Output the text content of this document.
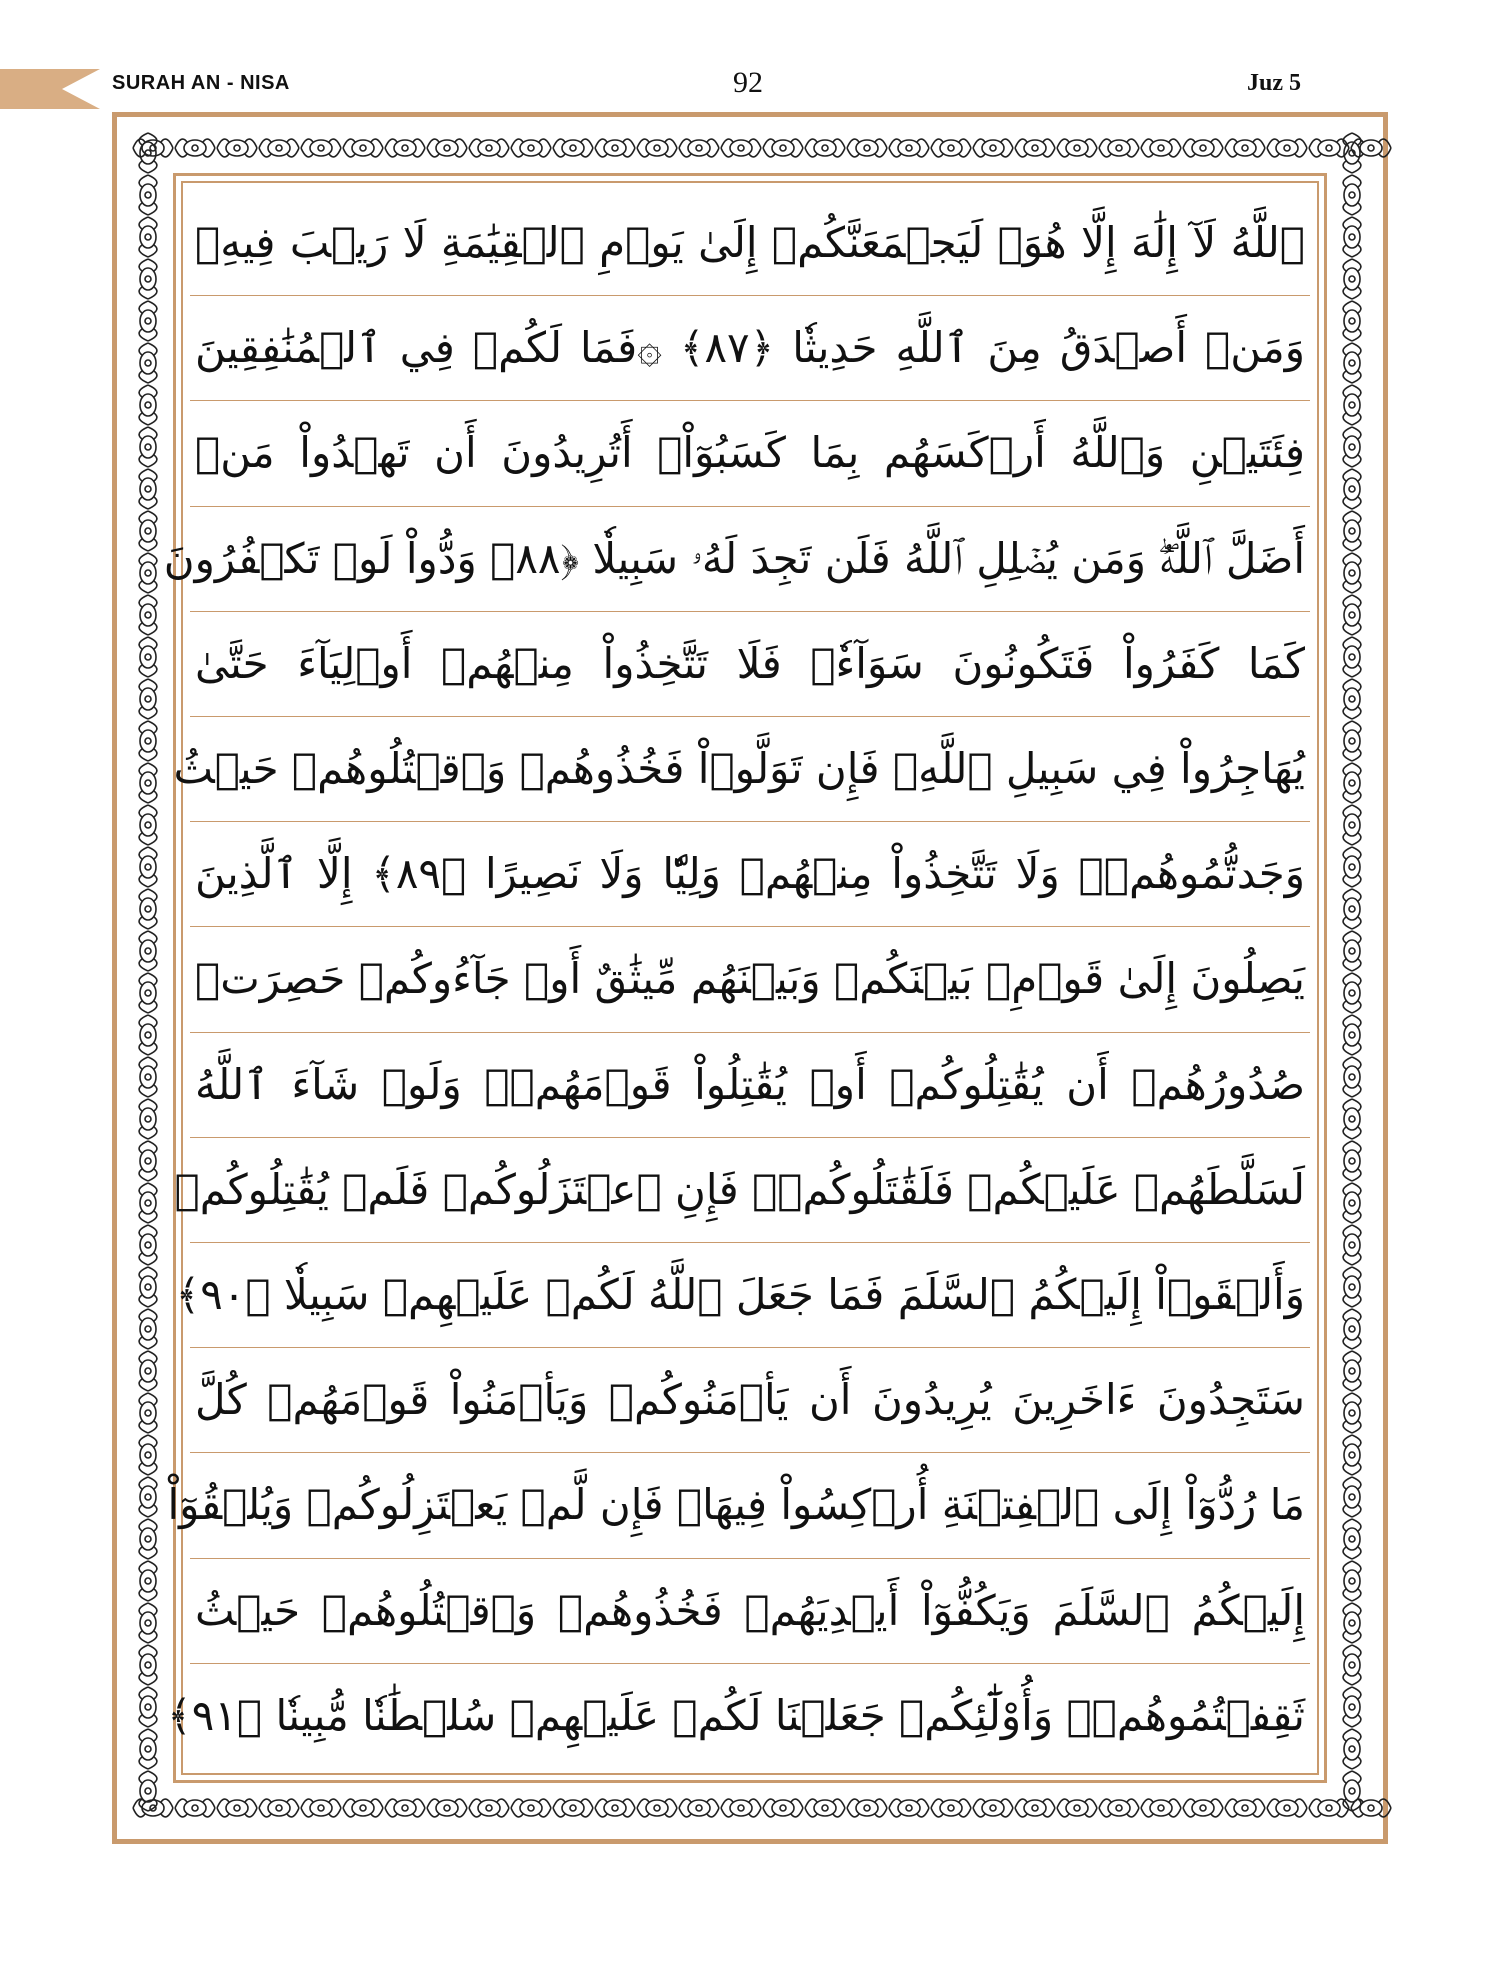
SURAH AN - NISA	92	Juz 5
ٱللَّهُ لَآ إِلَٰهَ إِلَّا هُوَۚ لَيَجۡمَعَنَّكُمۡ إِلَىٰ يَوۡمِ ٱلۡقِيَٰمَةِ لَا رَيۡبَ فِيهِۗ
وَمَنۡ أَصۡدَقُ مِنَ ٱللَّهِ حَدِيثٗا ﴿٨٧﴾ ۞فَمَا لَكُمۡ فِي ٱلۡمُنَٰفِقِينَ
فِئَتَيۡنِ وَٱللَّهُ أَرۡكَسَهُم بِمَا كَسَبُوٓاْۚ أَتُرِيدُونَ أَن تَهۡدُواْ مَنۡ
أَضَلَّ ٱللَّهُۖ وَمَن يُضۡلِلِ ٱللَّهُ فَلَن تَجِدَ لَهُۥ سَبِيلٗا ﴿٨٨﴾ وَدُّواْ لَوۡ تَكۡفُرُونَ
كَمَا كَفَرُواْ فَتَكُونُونَ سَوَآءٗۖ فَلَا تَتَّخِذُواْ مِنۡهُمۡ أَوۡلِيَآءَ حَتَّىٰ
يُهَاجِرُواْ فِي سَبِيلِ ٱللَّهِۚ فَإِن تَوَلَّوۡاْ فَخُذُوهُمۡ وَٱقۡتُلُوهُمۡ حَيۡثُ
وَجَدتُّمُوهُمۡۖ وَلَا تَتَّخِذُواْ مِنۡهُمۡ وَلِيّٗا وَلَا نَصِيرًا ﴿٨٩﴾ إِلَّا ٱلَّذِينَ
يَصِلُونَ إِلَىٰ قَوۡمِۭ بَيۡنَكُمۡ وَبَيۡنَهُم مِّيثَٰقٌ أَوۡ جَآءُوكُمۡ حَصِرَتۡ
صُدُورُهُمۡ أَن يُقَٰتِلُوكُمۡ أَوۡ يُقَٰتِلُواْ قَوۡمَهُمۡۚ وَلَوۡ شَآءَ ٱللَّهُ
لَسَلَّطَهُمۡ عَلَيۡكُمۡ فَلَقَٰتَلُوكُمۡۚ فَإِنِ ٱعۡتَزَلُوكُمۡ فَلَمۡ يُقَٰتِلُوكُمۡ
وَأَلۡقَوۡاْ إِلَيۡكُمُ ٱلسَّلَمَ فَمَا جَعَلَ ٱللَّهُ لَكُمۡ عَلَيۡهِمۡ سَبِيلٗا ﴿٩٠﴾
سَتَجِدُونَ ءَاخَرِينَ يُرِيدُونَ أَن يَأۡمَنُوكُمۡ وَيَأۡمَنُواْ قَوۡمَهُمۡ كُلَّ
مَا رُدُّوٓاْ إِلَى ٱلۡفِتۡنَةِ أُرۡكِسُواْ فِيهَاۚ فَإِن لَّمۡ يَعۡتَزِلُوكُمۡ وَيُلۡقُوٓاْ
إِلَيۡكُمُ ٱلسَّلَمَ وَيَكُفُّوٓاْ أَيۡدِيَهُمۡ فَخُذُوهُمۡ وَٱقۡتُلُوهُمۡ حَيۡثُ
ثَقِفۡتُمُوهُمۡۚ وَأُوْلَٰٓئِكُمۡ جَعَلۡنَا لَكُمۡ عَلَيۡهِمۡ سُلۡطَٰنٗا مُّبِينٗا ﴿٩١﴾
